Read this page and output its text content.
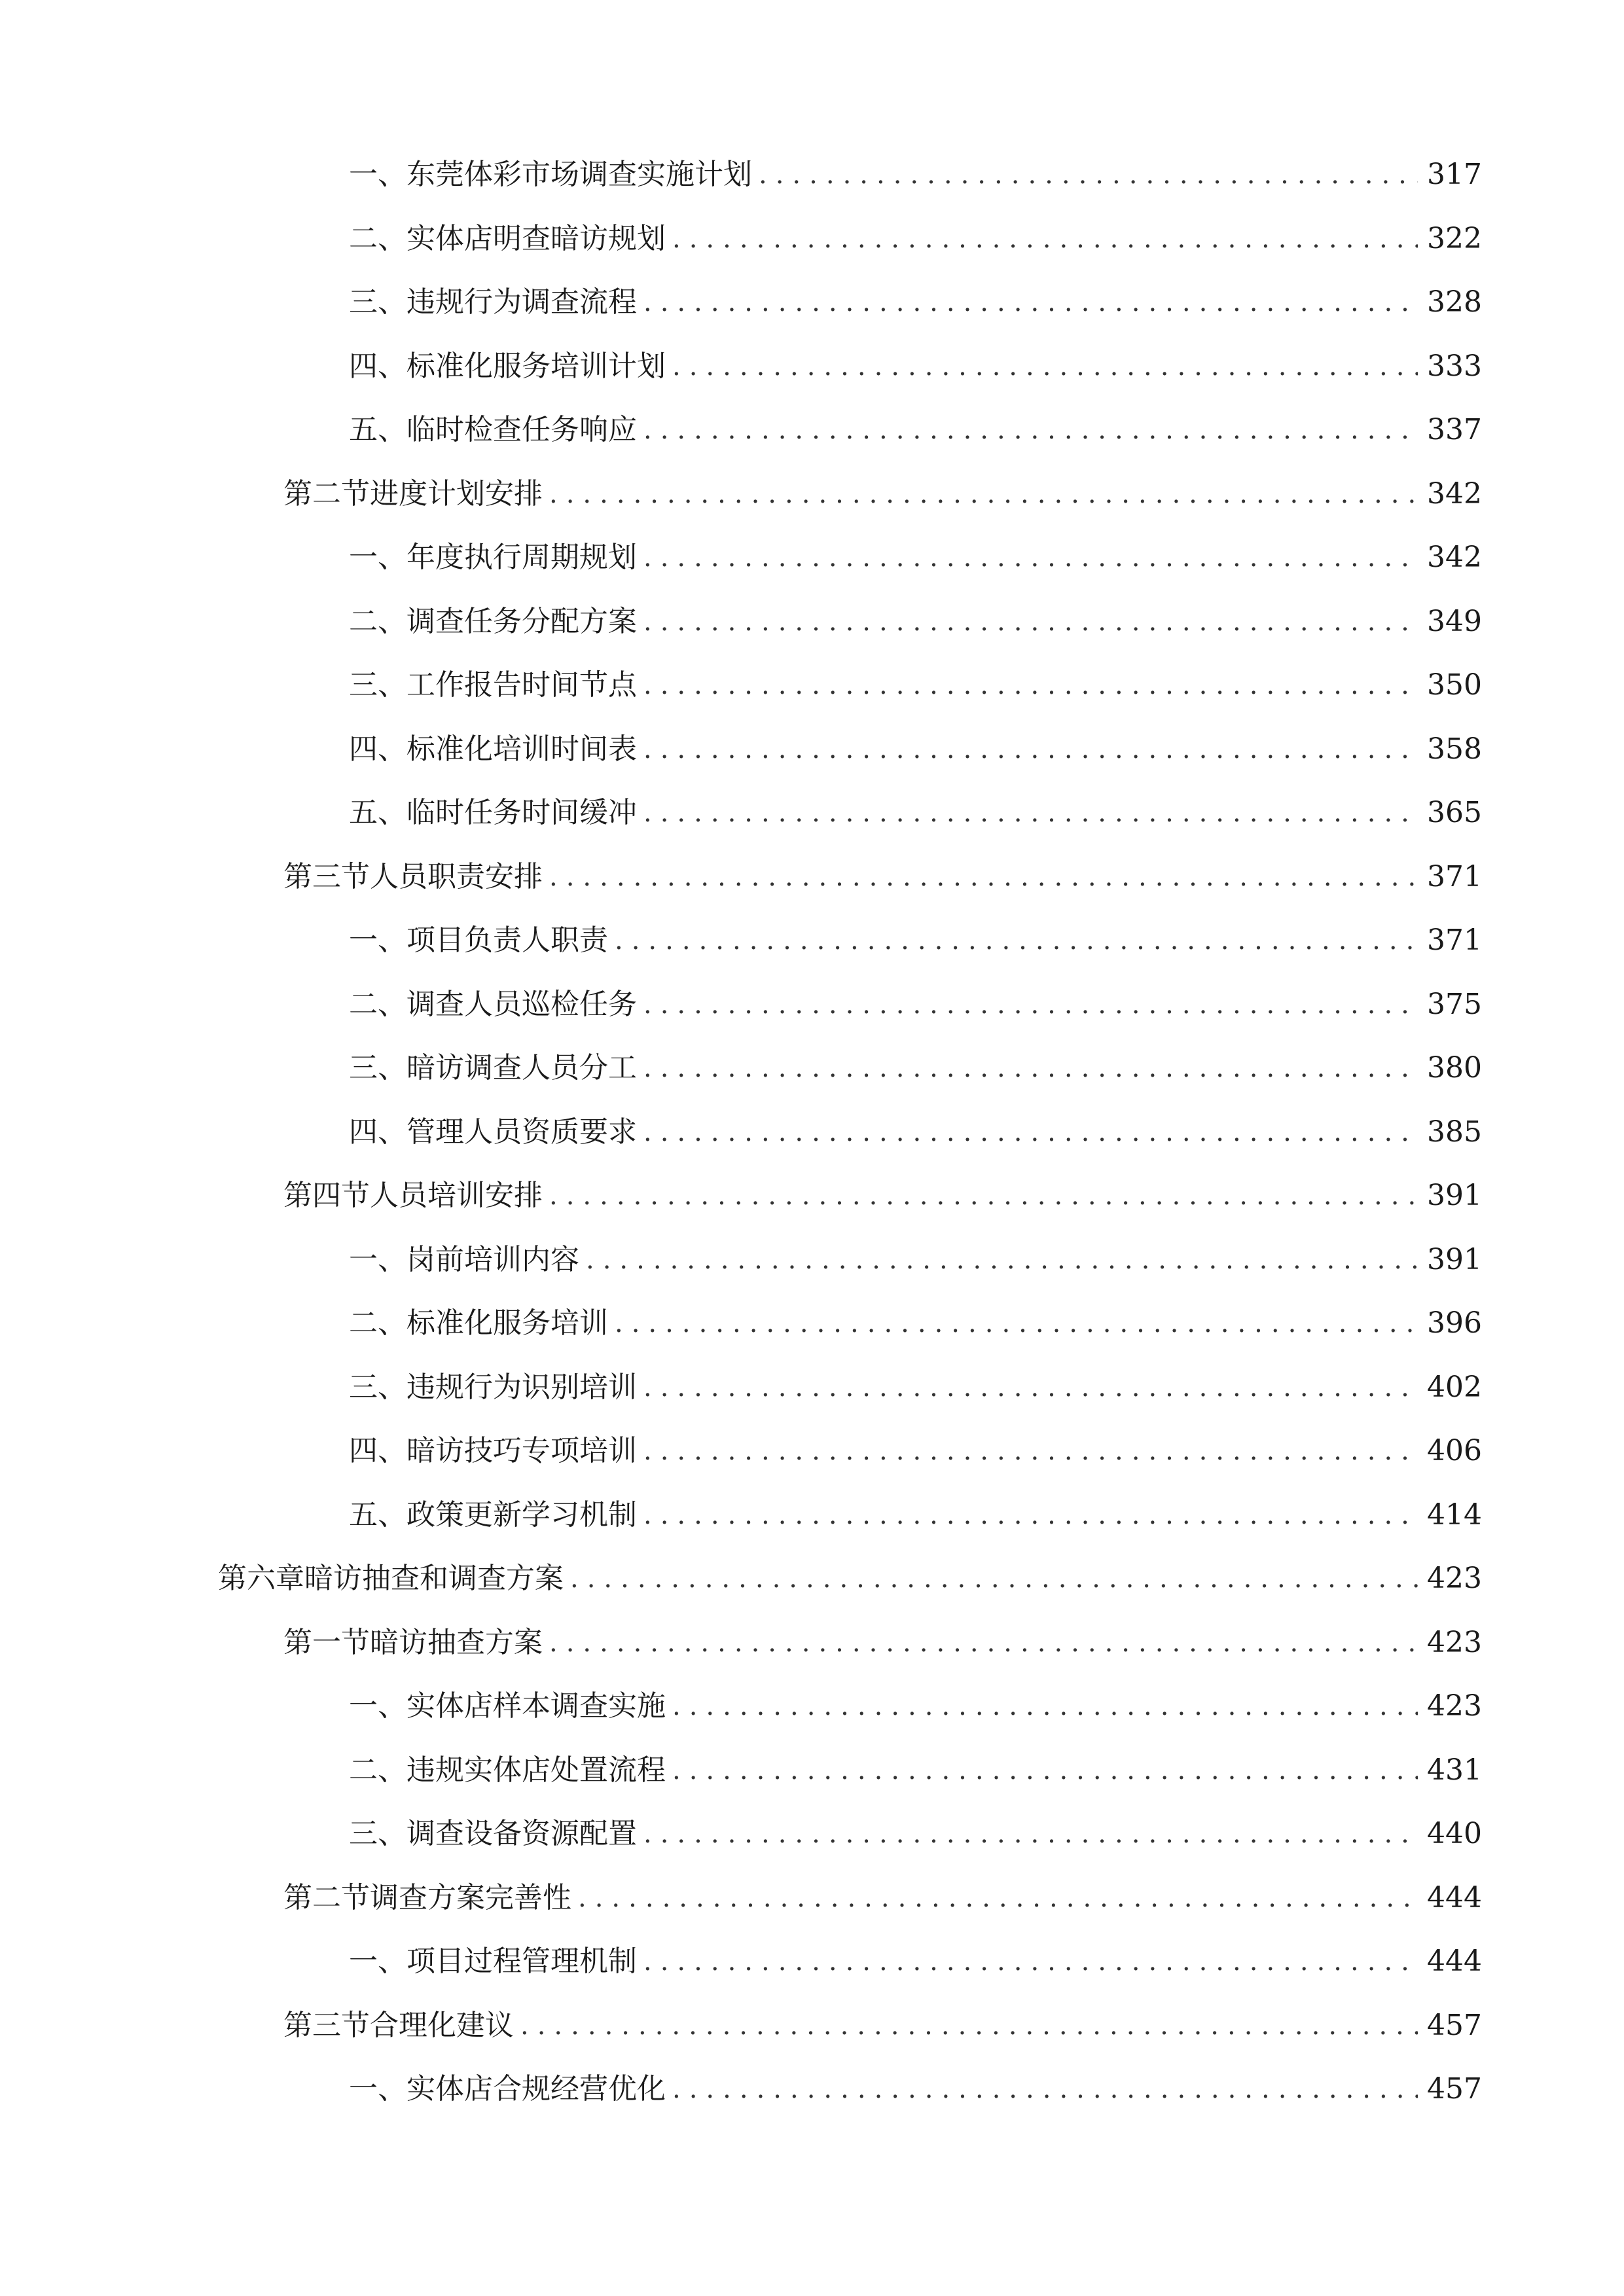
一、 东莞体彩市场调查实施计划 .....	317
二、 实体店明查暗访规划 .....	322
三、 违规行为调查流程 .....	328
四、 标准化服务培训计划 .....	333
五、 临时检查任务响应 .....	337
第二节 进度计划安排 .....	342
一、 年度执行周期规划 .....	342
二、 调查任务分配方案 .....	349
三、 工作报告时间节点 .....	350
四、 标准化培训时间表 .....	358
五、 临时任务时间缓冲 .....	365
第三节 人员职责安排 .....	371
一、 项目负责人职责 .....	371
二、 调查人员巡检任务 .....	375
三、 暗访调查人员分工 .....	380
四、 管理人员资质要求 .....	385
第四节 人员培训安排 .....	391
一、 岗前培训内容 .....	391
二、 标准化服务培训 .....	396
三、 违规行为识别培训 .....	402
四、 暗访技巧专项培训 .....	406
五、 政策更新学习机制 .....	414
第六章 暗访抽查和调查方案 .....	423
第一节 暗访抽查方案 .....	423
一、 实体店样本调查实施 .....	423
二、 违规实体店处置流程 .....	431
三、 调查设备资源配置 .....	440
第二节 调查方案完善性 .....	444
一、 项目过程管理机制 .....	444
第三节 合理化建议 .....	457
一、 实体店合规经营优化 .....	457
